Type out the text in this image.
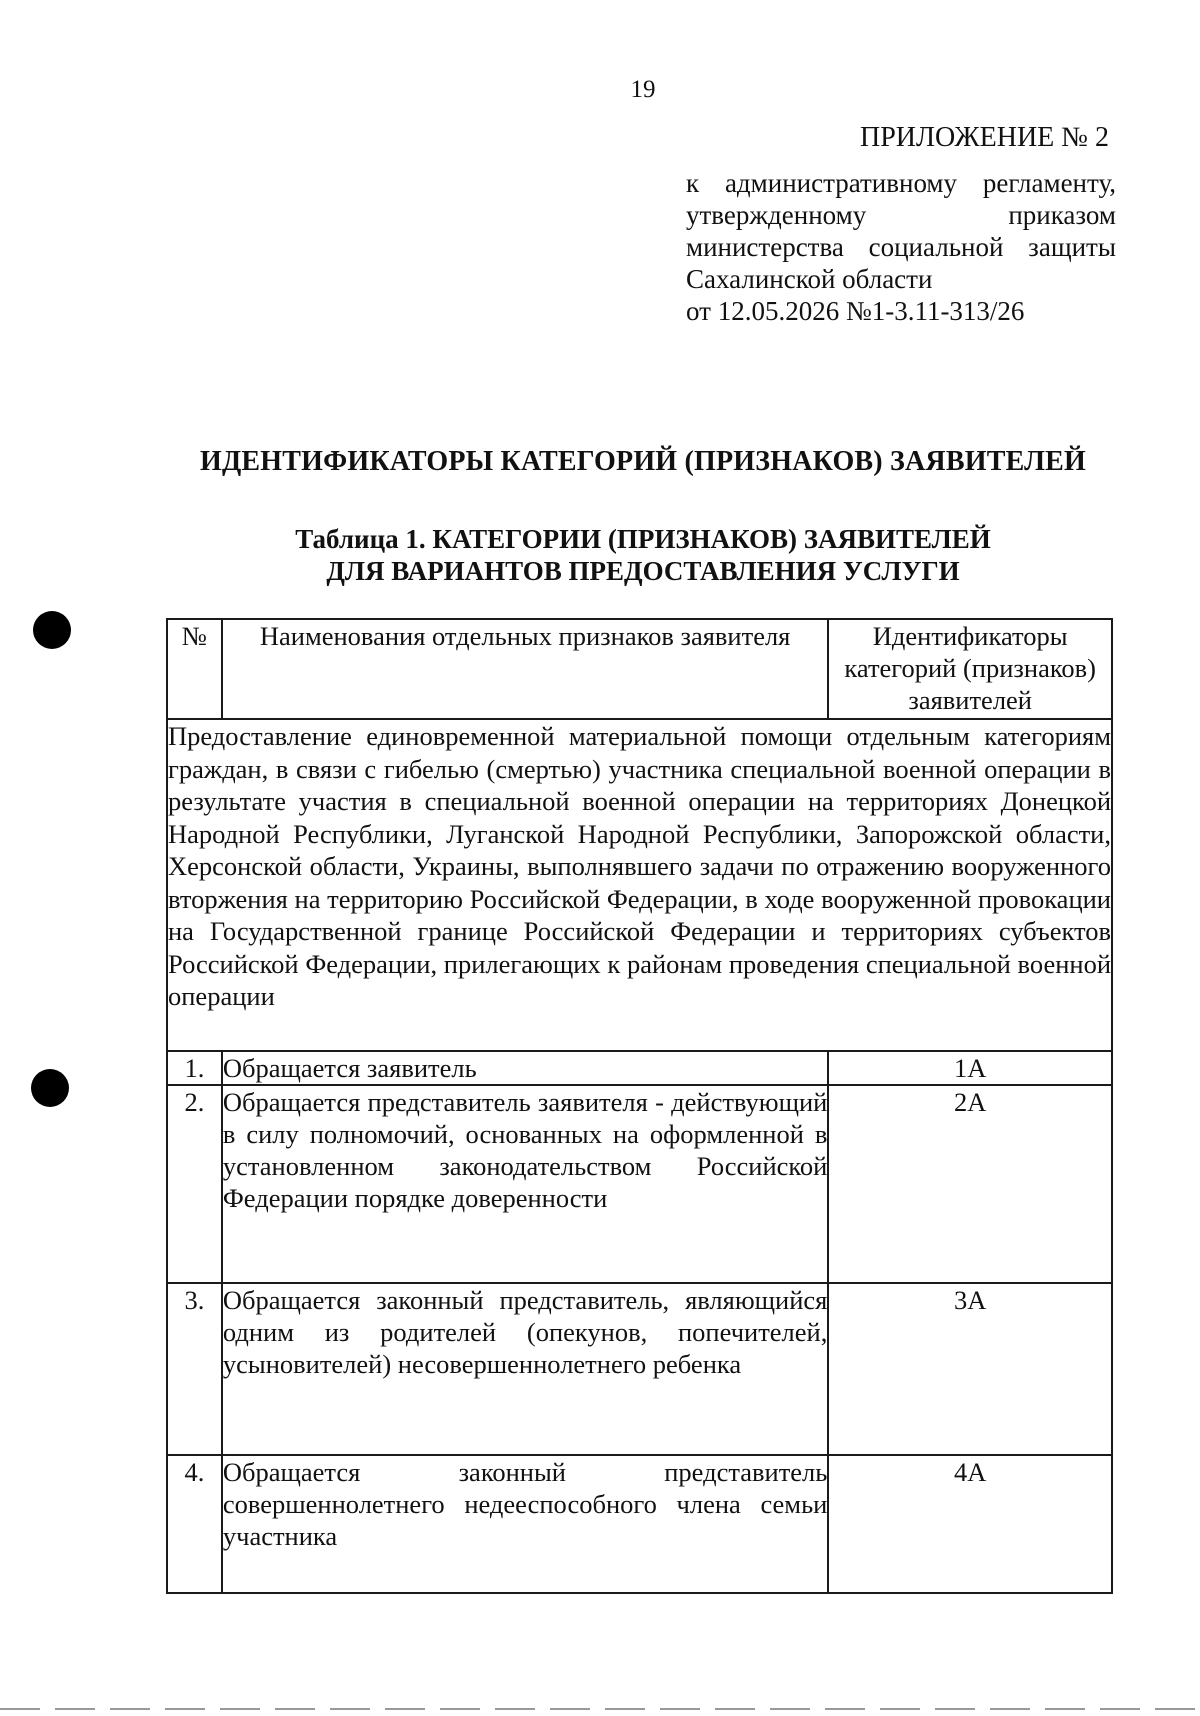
19
ПРИЛОЖЕНИЕ № 2
к административному регламенту,
утвержденному приказом
министерства социальной защиты
Сахалинской области
от 12.05.2026 №1-3.11-313/26
ИДЕНТИФИКАТОРЫ КАТЕГОРИЙ (ПРИЗНАКОВ) ЗАЯВИТЕЛЕЙ
Таблица 1. КАТЕГОРИИ (ПРИЗНАКОВ) ЗАЯВИТЕЛЕЙ
ДЛЯ ВАРИАНТОВ ПРЕДОСТАВЛЕНИЯ УСЛУГИ
№	Наименования отдельных признаков заявителя	Идентификаторы категорий (признаков) заявителей
Предоставление единовременной материальной помощи отдельным категориям граждан, в связи с гибелью (смертью) участника специальной военной операции в результате участия в специальной военной операции на территориях Донецкой Народной Республики, Луганской Народной Республики, Запорожской области, Херсонской области, Украины, выполнявшего задачи по отражению вооруженного вторжения на территорию Российской Федерации, в ходе вооруженной провокации на Государственной границе Российской Федерации и территориях субъектов Российской Федерации, прилегающих к районам проведения специальной военной операции		
1.	Обращается заявитель	1А
2.	Обращается представитель заявителя - действующий в силу полномочий, основанных на оформленной в установленном законодательством Российской Федерации порядке доверенности	2А
3.	Обращается законный представитель, являющийся одним из родителей (опекунов, попечителей, усыновителей) несовершеннолетнего ребенка	3А
4.	Обращается законный представитель совершеннолетнего недееспособного члена семьи участника	4А
